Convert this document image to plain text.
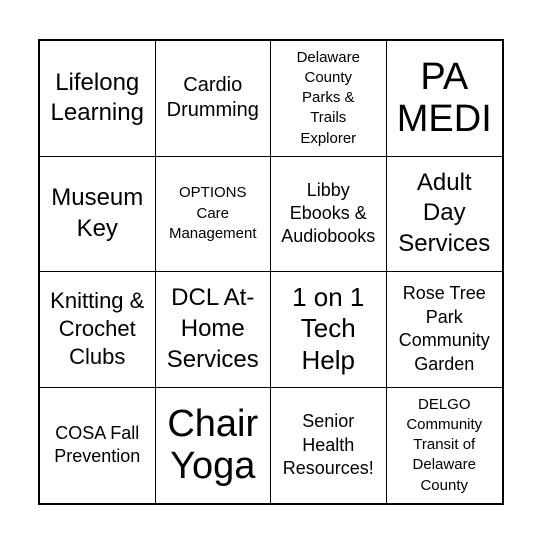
Lifelong
Learning
Cardio
Drumming
Delaware
County
Parks &
Trails
Explorer
PA
MEDI
Museum
Key
OPTIONS
Care
Management
Libby
Ebooks &
Audiobooks
Adult
Day
Services
Knitting &
Crochet
Clubs
DCL At-
Home
Services
1 on 1
Tech
Help
Rose Tree
Park
Community
Garden
COSA Fall
Prevention
Chair
Yoga
Senior
Health
Resources!
DELGO
Community
Transit of
Delaware
County
